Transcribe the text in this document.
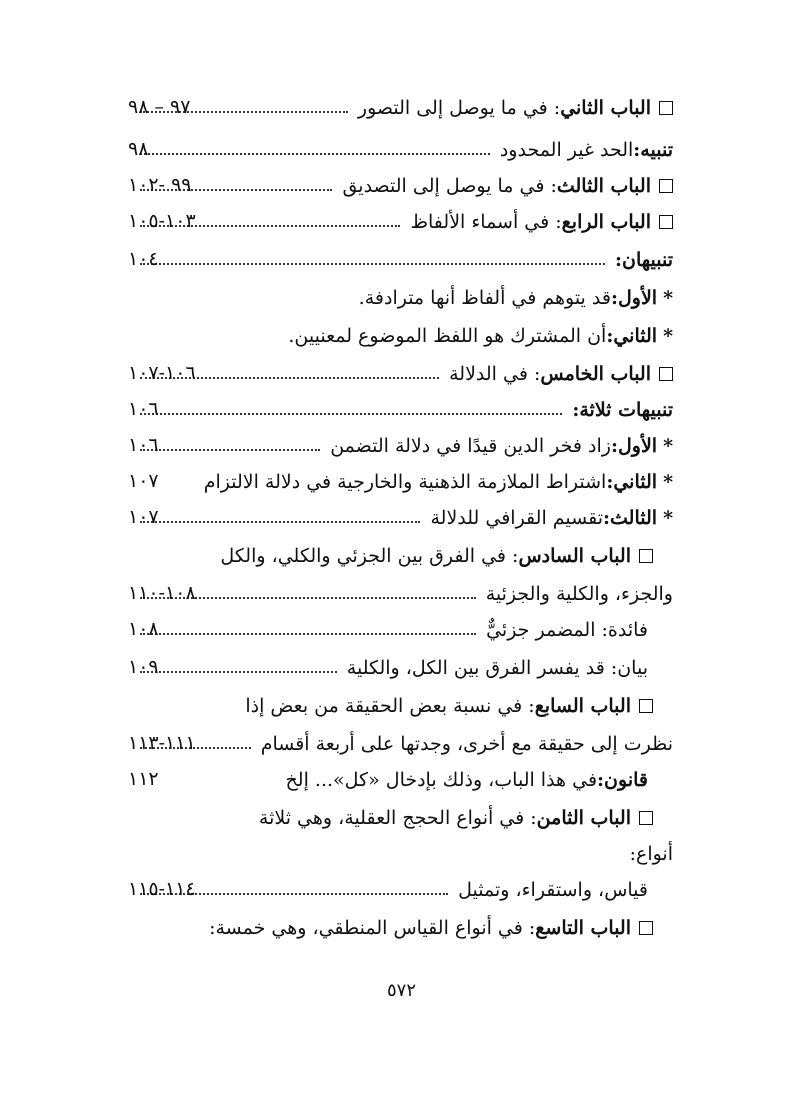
الباب الثاني
: في ما يوصل إلى التصور
٩٧ – ٩٨
تنبيه:
الحد غير المحدود
٩٨
الباب الثالث
: في ما يوصل إلى التصديق
٩٩ -١٠٢
الباب الرابع
: في أسماء الألفاظ
١٠٣-١٠٥
تنبيهان:
١٠٤
*
الأول:
قد يتوهم في ألفاظ أنها مترادفة.
*
الثاني:
أن المشترك هو اللفظ الموضوع لمعنيين.
الباب الخامس
: في الدلالة
١٠٦-١٠٧
تنبيهات ثلاثة:
١٠٦
*
الأول:
زاد فخر الدين قيدًا في دلالة التضمن
١٠٦
*
الثاني:
اشتراط الملازمة الذهنية والخارجية في دلالة الالتزام
١٠٧
*
الثالث:
تقسيم القرافي للدلالة
١٠٧
الباب السادس
: في الفرق بين الجزئي والكلي، والكل
والجزء، والكلية والجزئية
١٠٨-١١٠
فائدة: المضمر جزئيٌّ
١٠٨
بيان: قد يفسر الفرق بين الكل، والكلية
١٠٩
الباب السابع
: في نسبة بعض الحقيقة من بعض إذا
نظرت إلى حقيقة مع أخرى، وجدتها على أربعة أقسام
١١١-١١٣
قانون:
في هذا الباب، وذلك بإدخال «كل»... إلخ
١١٢
الباب الثامن
: في أنواع الحجج العقلية، وهي ثلاثة
أنواع:
قياس، واستقراء، وتمثيل
١١٤-١١٥
الباب التاسع
: في أنواع القياس المنطقي، وهي خمسة:
٥٧٢
